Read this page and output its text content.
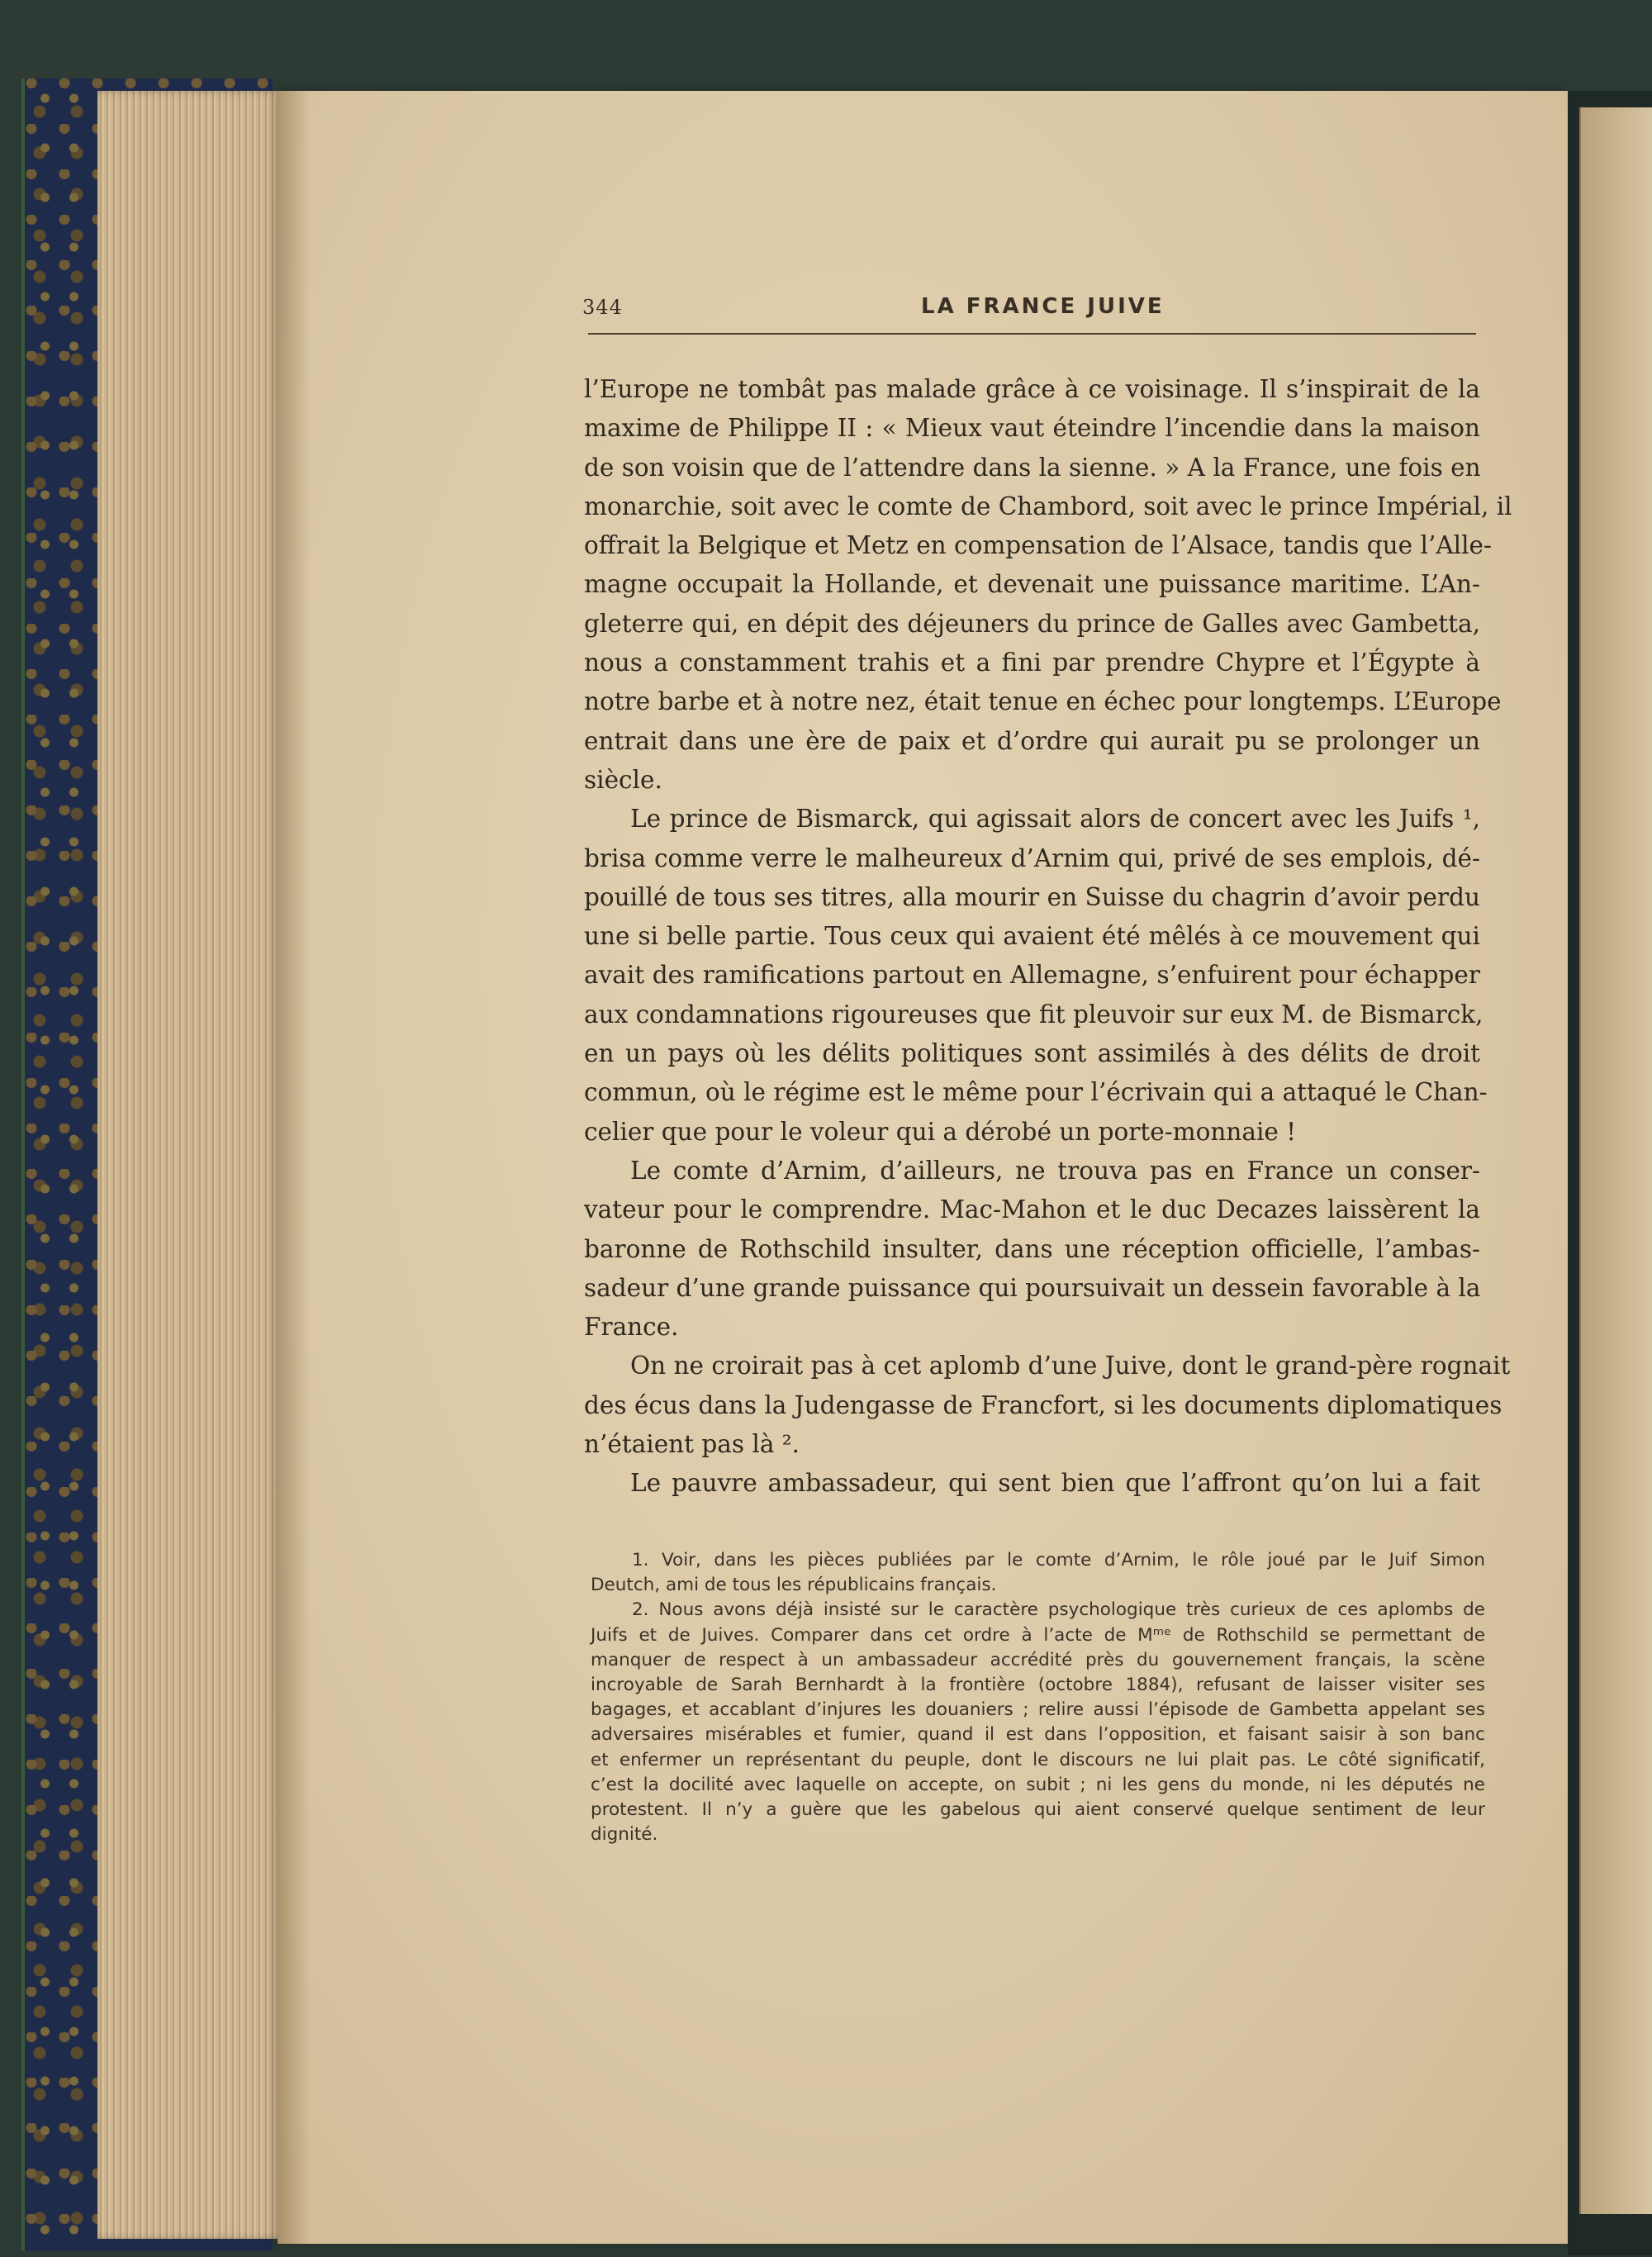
344	LA FRANCE JUIVE
l’Europe ne tombât pas malade grâce à ce voisinage. Il s’inspirait de la
maxime de Philippe II : « Mieux vaut éteindre l’incendie dans la maison
de son voisin que de l’attendre dans la sienne. » A la France, une fois en
monarchie, soit avec le comte de Chambord, soit avec le prince Impérial, il
offrait la Belgique et Metz en compensation de l’Alsace, tandis que l’Alle-
magne occupait la Hollande, et devenait une puissance maritime. L’An-
gleterre qui, en dépit des déjeuners du prince de Galles avec Gambetta,
nous a constamment trahis et a fini par prendre Chypre et l’Égypte à
notre barbe et à notre nez, était tenue en échec pour longtemps. L’Europe
entrait dans une ère de paix et d’ordre qui aurait pu se prolonger un
siècle.
Le prince de Bismarck, qui agissait alors de concert avec les Juifs ¹,
brisa comme verre le malheureux d’Arnim qui, privé de ses emplois, dé-
pouillé de tous ses titres, alla mourir en Suisse du chagrin d’avoir perdu
une si belle partie. Tous ceux qui avaient été mêlés à ce mouvement qui
avait des ramifications partout en Allemagne, s’enfuirent pour échapper
aux condamnations rigoureuses que fit pleuvoir sur eux M. de Bismarck,
en un pays où les délits politiques sont assimilés à des délits de droit
commun, où le régime est le même pour l’écrivain qui a attaqué le Chan-
celier que pour le voleur qui a dérobé un porte-monnaie !
Le comte d’Arnim, d’ailleurs, ne trouva pas en France un conser-
vateur pour le comprendre. Mac-Mahon et le duc Decazes laissèrent la
baronne de Rothschild insulter, dans une réception officielle, l’ambas-
sadeur d’une grande puissance qui poursuivait un dessein favorable à la
France.
On ne croirait pas à cet aplomb d’une Juive, dont le grand-père rognait
des écus dans la Judengasse de Francfort, si les documents diplomatiques
n’étaient pas là ².
Le pauvre ambassadeur, qui sent bien que l’affront qu’on lui a fait
1. Voir, dans les pièces publiées par le comte d’Arnim, le rôle joué par le Juif Simon
Deutch, ami de tous les républicains français.
2. Nous avons déjà insisté sur le caractère psychologique très curieux de ces aplombs de
Juifs et de Juives. Comparer dans cet ordre à l’acte de Mᵐᵉ de Rothschild se permettant de
manquer de respect à un ambassadeur accrédité près du gouvernement français, la scène
incroyable de Sarah Bernhardt à la frontière (octobre 1884), refusant de laisser visiter ses
bagages, et accablant d’injures les douaniers ; relire aussi l’épisode de Gambetta appelant ses
adversaires misérables et fumier, quand il est dans l’opposition, et faisant saisir à son banc
et enfermer un représentant du peuple, dont le discours ne lui plait pas. Le côté significatif,
c’est la docilité avec laquelle on accepte, on subit ; ni les gens du monde, ni les députés ne
protestent. Il n’y a guère que les gabelous qui aient conservé quelque sentiment de leur
dignité.
